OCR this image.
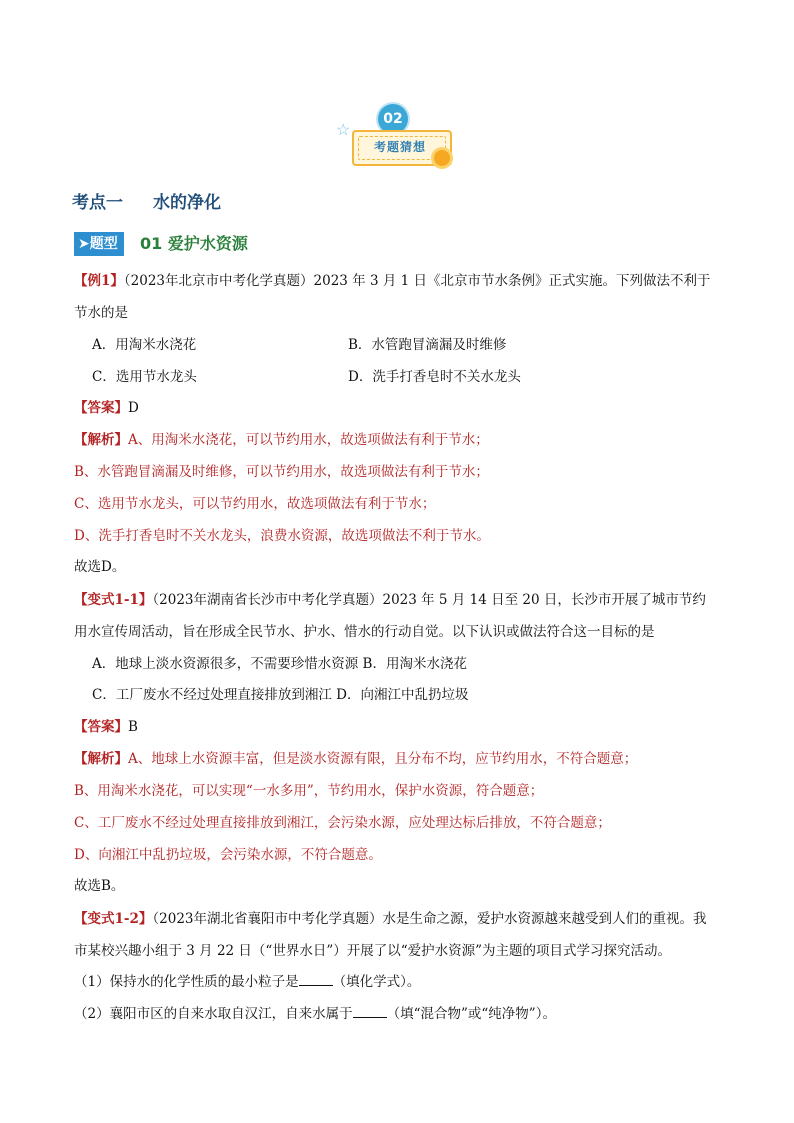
☆
02
考题猜想
考点一 水的净化
➤题型	01 爱护水资源
【例1】（2023年北京市中考化学真题）2023 年 3 月 1 日《北京市节水条例》正式实施。下列做法不利于
节水的是
A．用淘米水浇花	B．水管跑冒滴漏及时维修
C．选用节水龙头	D．洗手打香皂时不关水龙头
【答案】D
【解析】A、用淘米水浇花，可以节约用水，故选项做法有利于节水；
B、水管跑冒滴漏及时维修，可以节约用水，故选项做法有利于节水；
C、选用节水龙头，可以节约用水，故选项做法有利于节水；
D、洗手打香皂时不关水龙头，浪费水资源，故选项做法不利于节水。
故选D。
【变式1-1】（2023年湖南省长沙市中考化学真题）2023 年 5 月 14 日至 20 日，长沙市开展了城市节约
用水宣传周活动，旨在形成全民节水、护水、惜水的行动自觉。以下认识或做法符合这一目标的是
A．地球上淡水资源很多，不需要珍惜水资源 B．用淘米水浇花
C．工厂废水不经过处理直接排放到湘江 D．向湘江中乱扔垃圾
【答案】B
【解析】A、地球上水资源丰富，但是淡水资源有限，且分布不均，应节约用水，不符合题意；
B、用淘米水浇花，可以实现“一水多用”，节约用水，保护水资源，符合题意；
C、工厂废水不经过处理直接排放到湘江，会污染水源，应处理达标后排放，不符合题意；
D、向湘江中乱扔垃圾，会污染水源，不符合题意。
故选B。
【变式1-2】（2023年湖北省襄阳市中考化学真题）水是生命之源，爱护水资源越来越受到人们的重视。我
市某校兴趣小组于 3 月 22 日（“世界水日”）开展了以“爱护水资源”为主题的项目式学习探究活动。
（1）保持水的化学性质的最小粒子是	（填化学式）。
（2）襄阳市区的自来水取自汉江，自来水属于	（填“混合物”或“纯净物”）。
